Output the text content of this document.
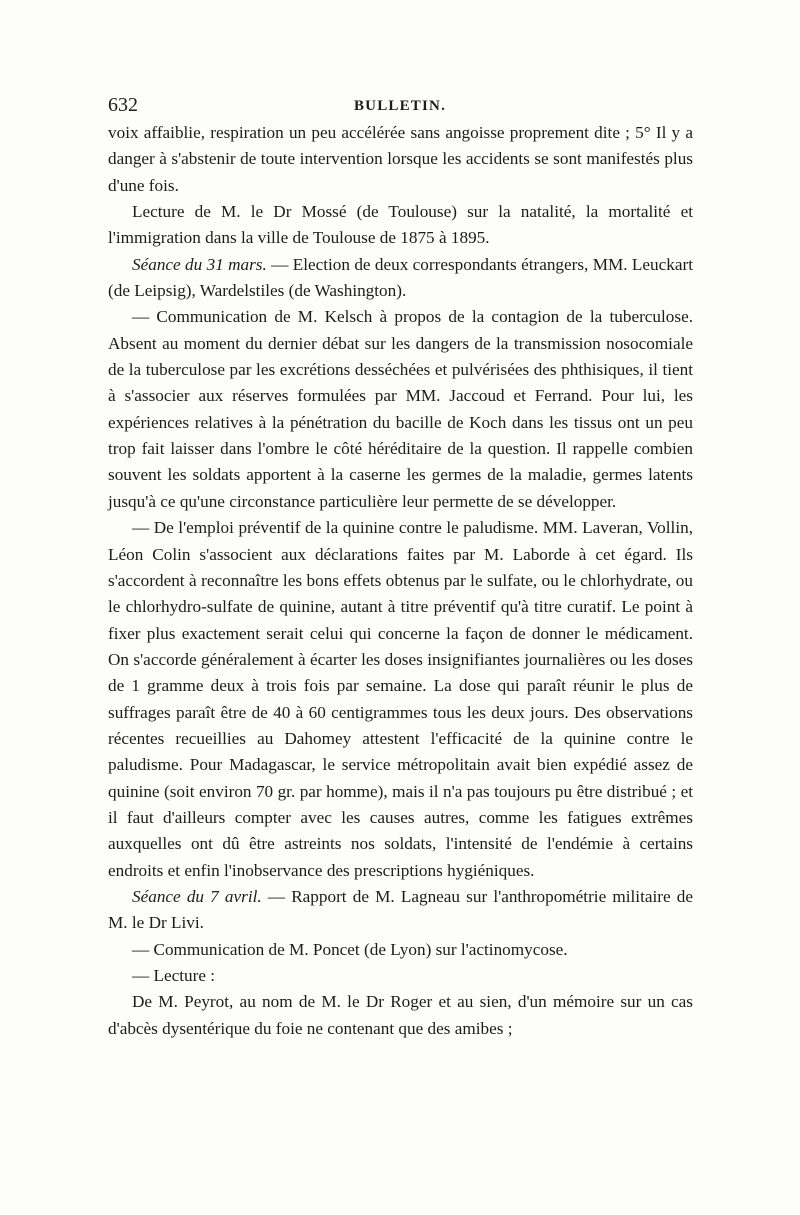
632	BULLETIN.

voix affaiblie, respiration un peu accélérée sans angoisse proprement dite ; 5° Il y a danger à s'abstenir de toute intervention lorsque les accidents se sont manifestés plus d'une fois.

Lecture de M. le Dr Mossé (de Toulouse) sur la natalité, la mortalité et l'immigration dans la ville de Toulouse de 1875 à 1895.

Séance du 31 mars. — Election de deux correspondants étrangers, MM. Leuckart (de Leipsig), Wardelstiles (de Washington).

— Communication de M. Kelsch à propos de la contagion de la tuberculose. Absent au moment du dernier débat sur les dangers de la transmission nosocomiale de la tuberculose par les excrétions desséchées et pulvérisées des phthisiques, il tient à s'associer aux réserves formulées par MM. Jaccoud et Ferrand. Pour lui, les expériences relatives à la pénétration du bacille de Koch dans les tissus ont un peu trop fait laisser dans l'ombre le côté héréditaire de la question. Il rappelle combien souvent les soldats apportent à la caserne les germes de la maladie, germes latents jusqu'à ce qu'une circonstance particulière leur permette de se développer.

— De l'emploi préventif de la quinine contre le paludisme. MM. Laveran, Vollin, Léon Colin s'associent aux déclarations faites par M. Laborde à cet égard. Ils s'accordent à reconnaître les bons effets obtenus par le sulfate, ou le chlorhydrate, ou le chlorhydro-sulfate de quinine, autant à titre préventif qu'à titre curatif. Le point à fixer plus exactement serait celui qui concerne la façon de donner le médicament. On s'accorde généralement à écarter les doses insignifiantes journalières ou les doses de 1 gramme deux à trois fois par semaine. La dose qui paraît réunir le plus de suffrages paraît être de 40 à 60 centigrammes tous les deux jours. Des observations récentes recueillies au Dahomey attestent l'efficacité de la quinine contre le paludisme. Pour Madagascar, le service métropolitain avait bien expédié assez de quinine (soit environ 70 gr. par homme), mais il n'a pas toujours pu être distribué ; et il faut d'ailleurs compter avec les causes autres, comme les fatigues extrêmes auxquelles ont dû être astreints nos soldats, l'intensité de l'endémie à certains endroits et enfin l'inobservance des prescriptions hygiéniques.

Séance du 7 avril. — Rapport de M. Lagneau sur l'anthropométrie militaire de M. le Dr Livi.

— Communication de M. Poncet (de Lyon) sur l'actinomycose.

— Lecture :

De M. Peyrot, au nom de M. le Dr Roger et au sien, d'un mémoire sur un cas d'abcès dysentérique du foie ne contenant que des amibes ;
